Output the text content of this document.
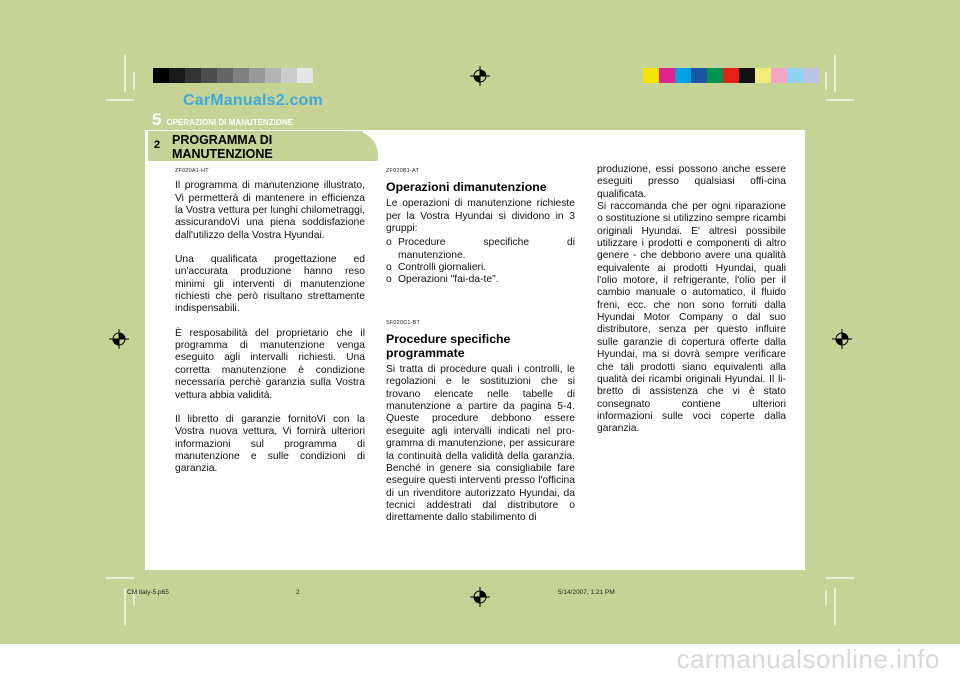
CarManuals2.com
5 OPERAZIONI DI MANUTENZIONE
2 PROGRAMMA DI MANUTENZIONE
ZF020A1-HT

Il programma di manutenzione illustrato, Vi permetterà di mantenere in efficienza la Vostra vettura per lunghi chilometraggi, assicurandoVi una piena soddisfazione dall'utilizzo della Vostra Hyundai.

Una qualificata progettazione ed un'accurata produzione hanno reso minimi gli interventi di manutenzione richiesti che però risultano strettamente indispensabili.

È resposabilità del proprietario che il programma di manutenzione venga eseguito agli intervalli richiesti. Una corretta manutenzione è condizione necessaria perchè garanzia sulla Vostra vettura abbia validità.

Il libretto di garanzie fornitoVi con la Vostra nuova vettura, Vi fornirà ulteriori informazioni sul programma di manutenzione e sulle condizioni di garanzia.

ZF020B1-AT
Operazioni dimanutenzione

Le operazioni di manutenzione richieste per la Vostra Hyundai si dividono in 3 gruppi:

o Procedure specifiche di manutenzione.
o Controlli giornalieri.
o Operazioni "fai-da-te".
SF020C1-BT
Procedure specifiche programmate

Si tratta di procedure quali i controlli, le regolazioni e le sostituzioni che si trovano elencate nelle tabelle di manutenzione a partire da pagina 5-4. Queste procedure debbono essere eseguite agli intervalli indicati nel pro-gramma di manutenzione, per assicurare la continuità della validità della garanzia. Benché in genere sia consigliabile fare eseguire questi interventi presso l'officina di un rivenditore autorizzato Hyundai, da tecnici addestrati dal distributore o direttamente dallo stabilimento di

produzione, essi possono anche essere eseguiti presso qualsiasi offi-cina qualificata.
Si raccomanda che per ogni riparazione o sostituzione si utilizzino sempre ricambi originali Hyundai. E' altresì possibile utilizzare i prodotti e componenti di altro genere - che debbono avere una qualità equivalente ai prodotti Hyundai, quali l'olio motore, il refrigerante, l'olio per il cambio manuale o automatico, il fluido freni, ecc. che non sono forniti dalla Hyundai Motor Company o dal suo distributore, senza per questo influire sulle garanzie di copertura offerte dalla Hyundai, ma si dovrà sempre verificare che tali prodotti siano equivalenti alla qualità dei ricambi originali Hyundai. Il li-bretto di assistenza che vi è stato consegnato contiene ulteriori informazioni sulle voci coperte dalla garanzia.

CM italy-5.p65	2	5/14/2007, 1:21 PM
carmanualsonline.info
